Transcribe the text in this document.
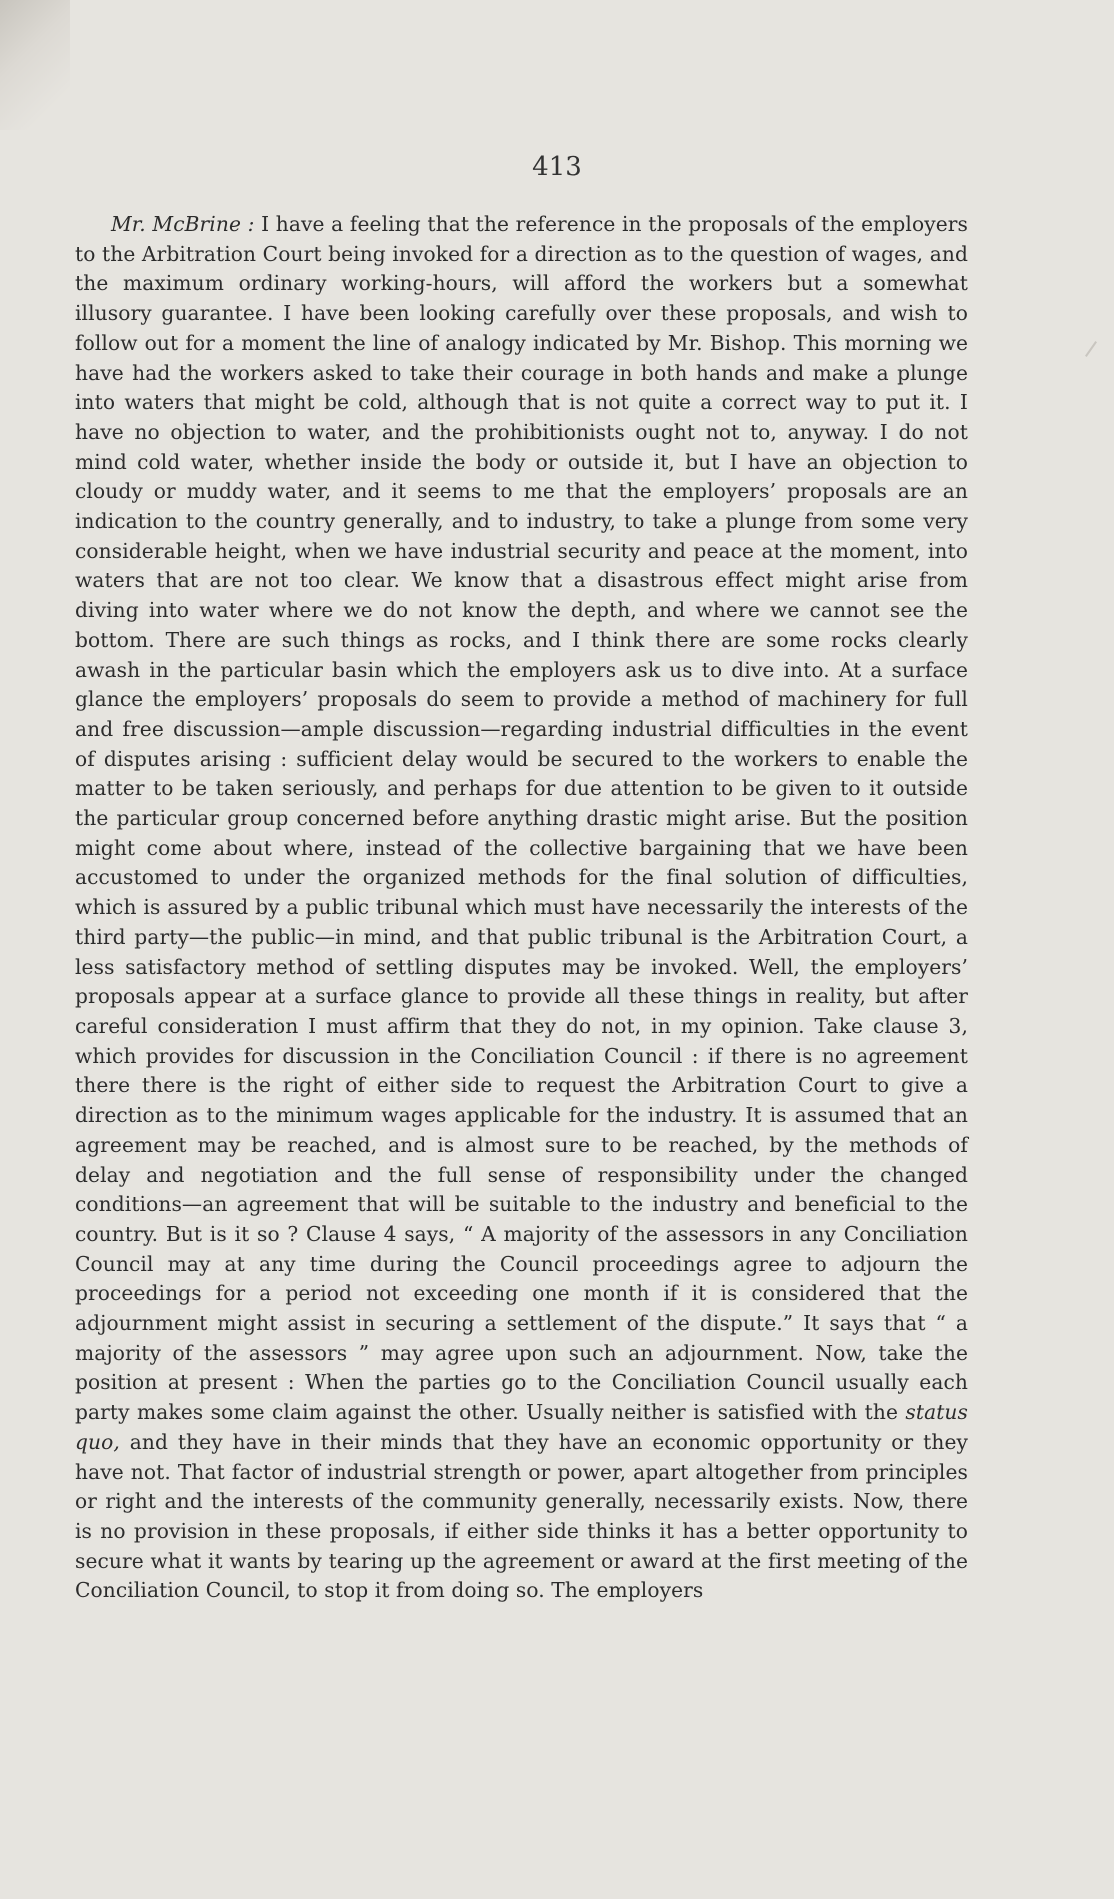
413

Mr. McBrine : I have a feeling that the reference in the proposals of the employers to the Arbitration Court being invoked for a direction as to the question of wages, and the maximum ordinary working-hours, will afford the workers but a somewhat illusory guarantee. I have been looking carefully over these proposals, and wish to follow out for a moment the line of analogy indicated by Mr. Bishop. This morning we have had the workers asked to take their courage in both hands and make a plunge into waters that might be cold, although that is not quite a correct way to put it. I have no objection to water, and the prohibitionists ought not to, anyway. I do not mind cold water, whether inside the body or outside it, but I have an objection to cloudy or muddy water, and it seems to me that the employers’ proposals are an indication to the country generally, and to industry, to take a plunge from some very considerable height, when we have industrial security and peace at the moment, into waters that are not too clear. We know that a disastrous effect might arise from diving into water where we do not know the depth, and where we cannot see the bottom. There are such things as rocks, and I think there are some rocks clearly awash in the particular basin which the employers ask us to dive into. At a surface glance the employers’ proposals do seem to provide a method of machinery for full and free discussion—ample discussion—regarding industrial difficulties in the event of disputes arising : sufficient delay would be secured to the workers to enable the matter to be taken seriously, and perhaps for due attention to be given to it outside the particular group concerned before anything drastic might arise. But the position might come about where, instead of the collective bargaining that we have been accustomed to under the organized methods for the final solution of difficulties, which is assured by a public tribunal which must have necessarily the interests of the third party—the public—in mind, and that public tribunal is the Arbitration Court, a less satisfactory method of settling disputes may be invoked. Well, the employers’ proposals appear at a surface glance to provide all these things in reality, but after careful consideration I must affirm that they do not, in my opinion. Take clause 3, which provides for discussion in the Conciliation Council : if there is no agreement there there is the right of either side to request the Arbitration Court to give a direction as to the minimum wages applicable for the industry. It is assumed that an agreement may be reached, and is almost sure to be reached, by the methods of delay and negotiation and the full sense of responsibility under the changed conditions—an agreement that will be suitable to the industry and beneficial to the country. But is it so ? Clause 4 says, “ A majority of the assessors in any Conciliation Council may at any time during the Council proceedings agree to adjourn the proceedings for a period not exceeding one month if it is considered that the adjournment might assist in securing a settlement of the dispute.” It says that “ a majority of the assessors ” may agree upon such an adjournment. Now, take the position at present : When the parties go to the Conciliation Council usually each party makes some claim against the other. Usually neither is satisfied with the status quo, and they have in their minds that they have an economic opportunity or they have not. That factor of industrial strength or power, apart altogether from principles or right and the interests of the community generally, necessarily exists. Now, there is no provision in these proposals, if either side thinks it has a better opportunity to secure what it wants by tearing up the agreement or award at the first meeting of the Conciliation Council, to stop it from doing so. The employers
